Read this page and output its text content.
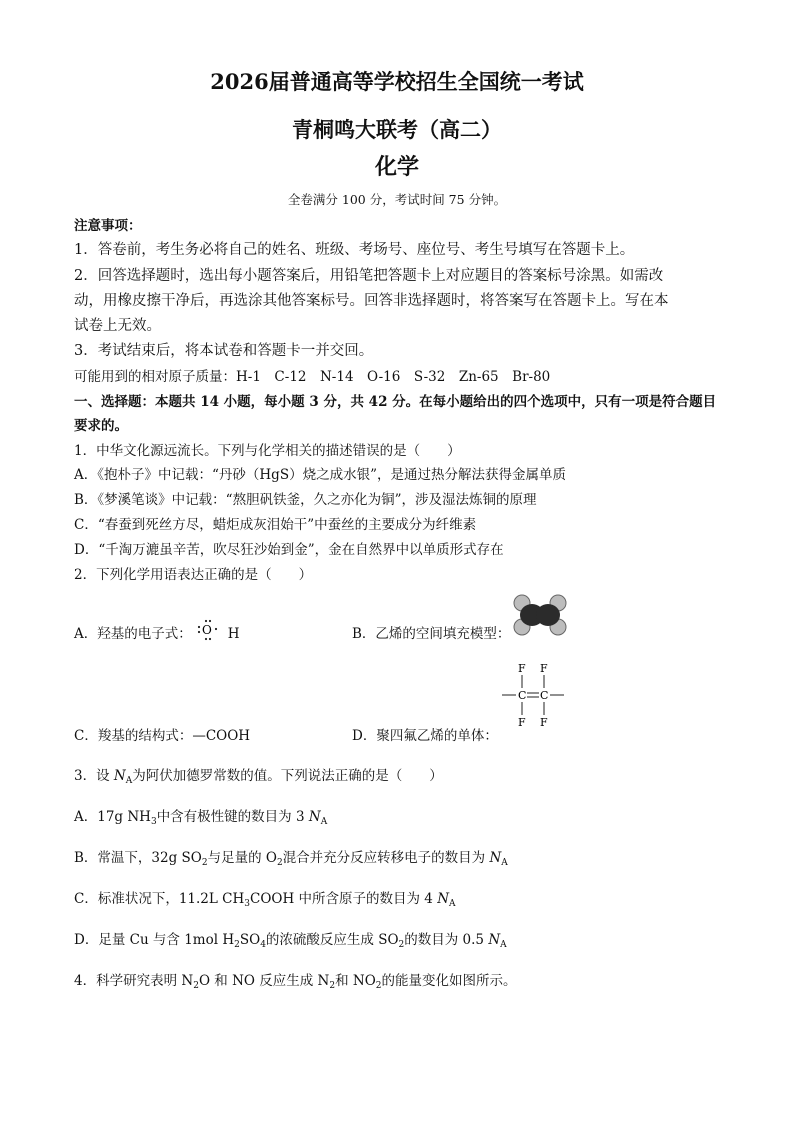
2026届普通高等学校招生全国统一考试
青桐鸣大联考（高二）
化学
全卷满分 100 分，考试时间 75 分钟。
注意事项：
1．答卷前，考生务必将自己的姓名、班级、考场号、座位号、考生号填写在答题卡上。
2．回答选择题时，选出每小题答案后，用铅笔把答题卡上对应题目的答案标号涂黑。如需改
动，用橡皮擦干净后，再选涂其他答案标号。回答非选择题时，将答案写在答题卡上。写在本
试卷上无效。
3．考试结束后，将本试卷和答题卡一并交回。
可能用到的相对原子质量：H-1　C-12　N-14　O-16　S-32　Zn-65　Br-80
一、选择题：本题共 14 小题，每小题 3 分，共 42 分。在每小题给出的四个选项中，只有一项是符合题目
要求的。
1．中华文化源远流长。下列与化学相关的描述错误的是（　　）
A．《抱朴子》中记载：“丹砂（HgS）烧之成水银”，是通过热分解法获得金属单质
B．《梦溪笔谈》中记载：“熬胆矾铁釜，久之亦化为铜”，涉及湿法炼铜的原理
C．“春蚕到死丝方尽，蜡炬成灰泪始干”中蚕丝的主要成分为纤维素
D．“千淘万漉虽辛苦，吹尽狂沙始到金”，金在自然界中以单质形式存在
2．下列化学用语表达正确的是（　　）
A．羟基的电子式：	H
O	B．乙烯的空间填充模型：
C．羧基的结构式：—COOH	D．聚四氟乙烯的单体：
F F
C C
F F
3．设 $N_A$为阿伏加德罗常数的值。下列说法正确的是（　　）
A．17g $NH_3$中含有极性键的数目为 3 $N_A$
B．常温下，32g $SO_2$与足量的 $O_2$混合并充分反应转移电子的数目为 $N_A$
C．标准状况下，11.2L $CH_3COOH$ 中所含原子的数目为 4 $N_A$
D．足量 Cu 与含 1mol $H_2SO_4$的浓硫酸反应生成 $SO_2$的数目为 0.5 $N_A$
4．科学研究表明 $N_2O$ 和 NO 反应生成 $N_2$和 $NO_2$的能量变化如图所示。
